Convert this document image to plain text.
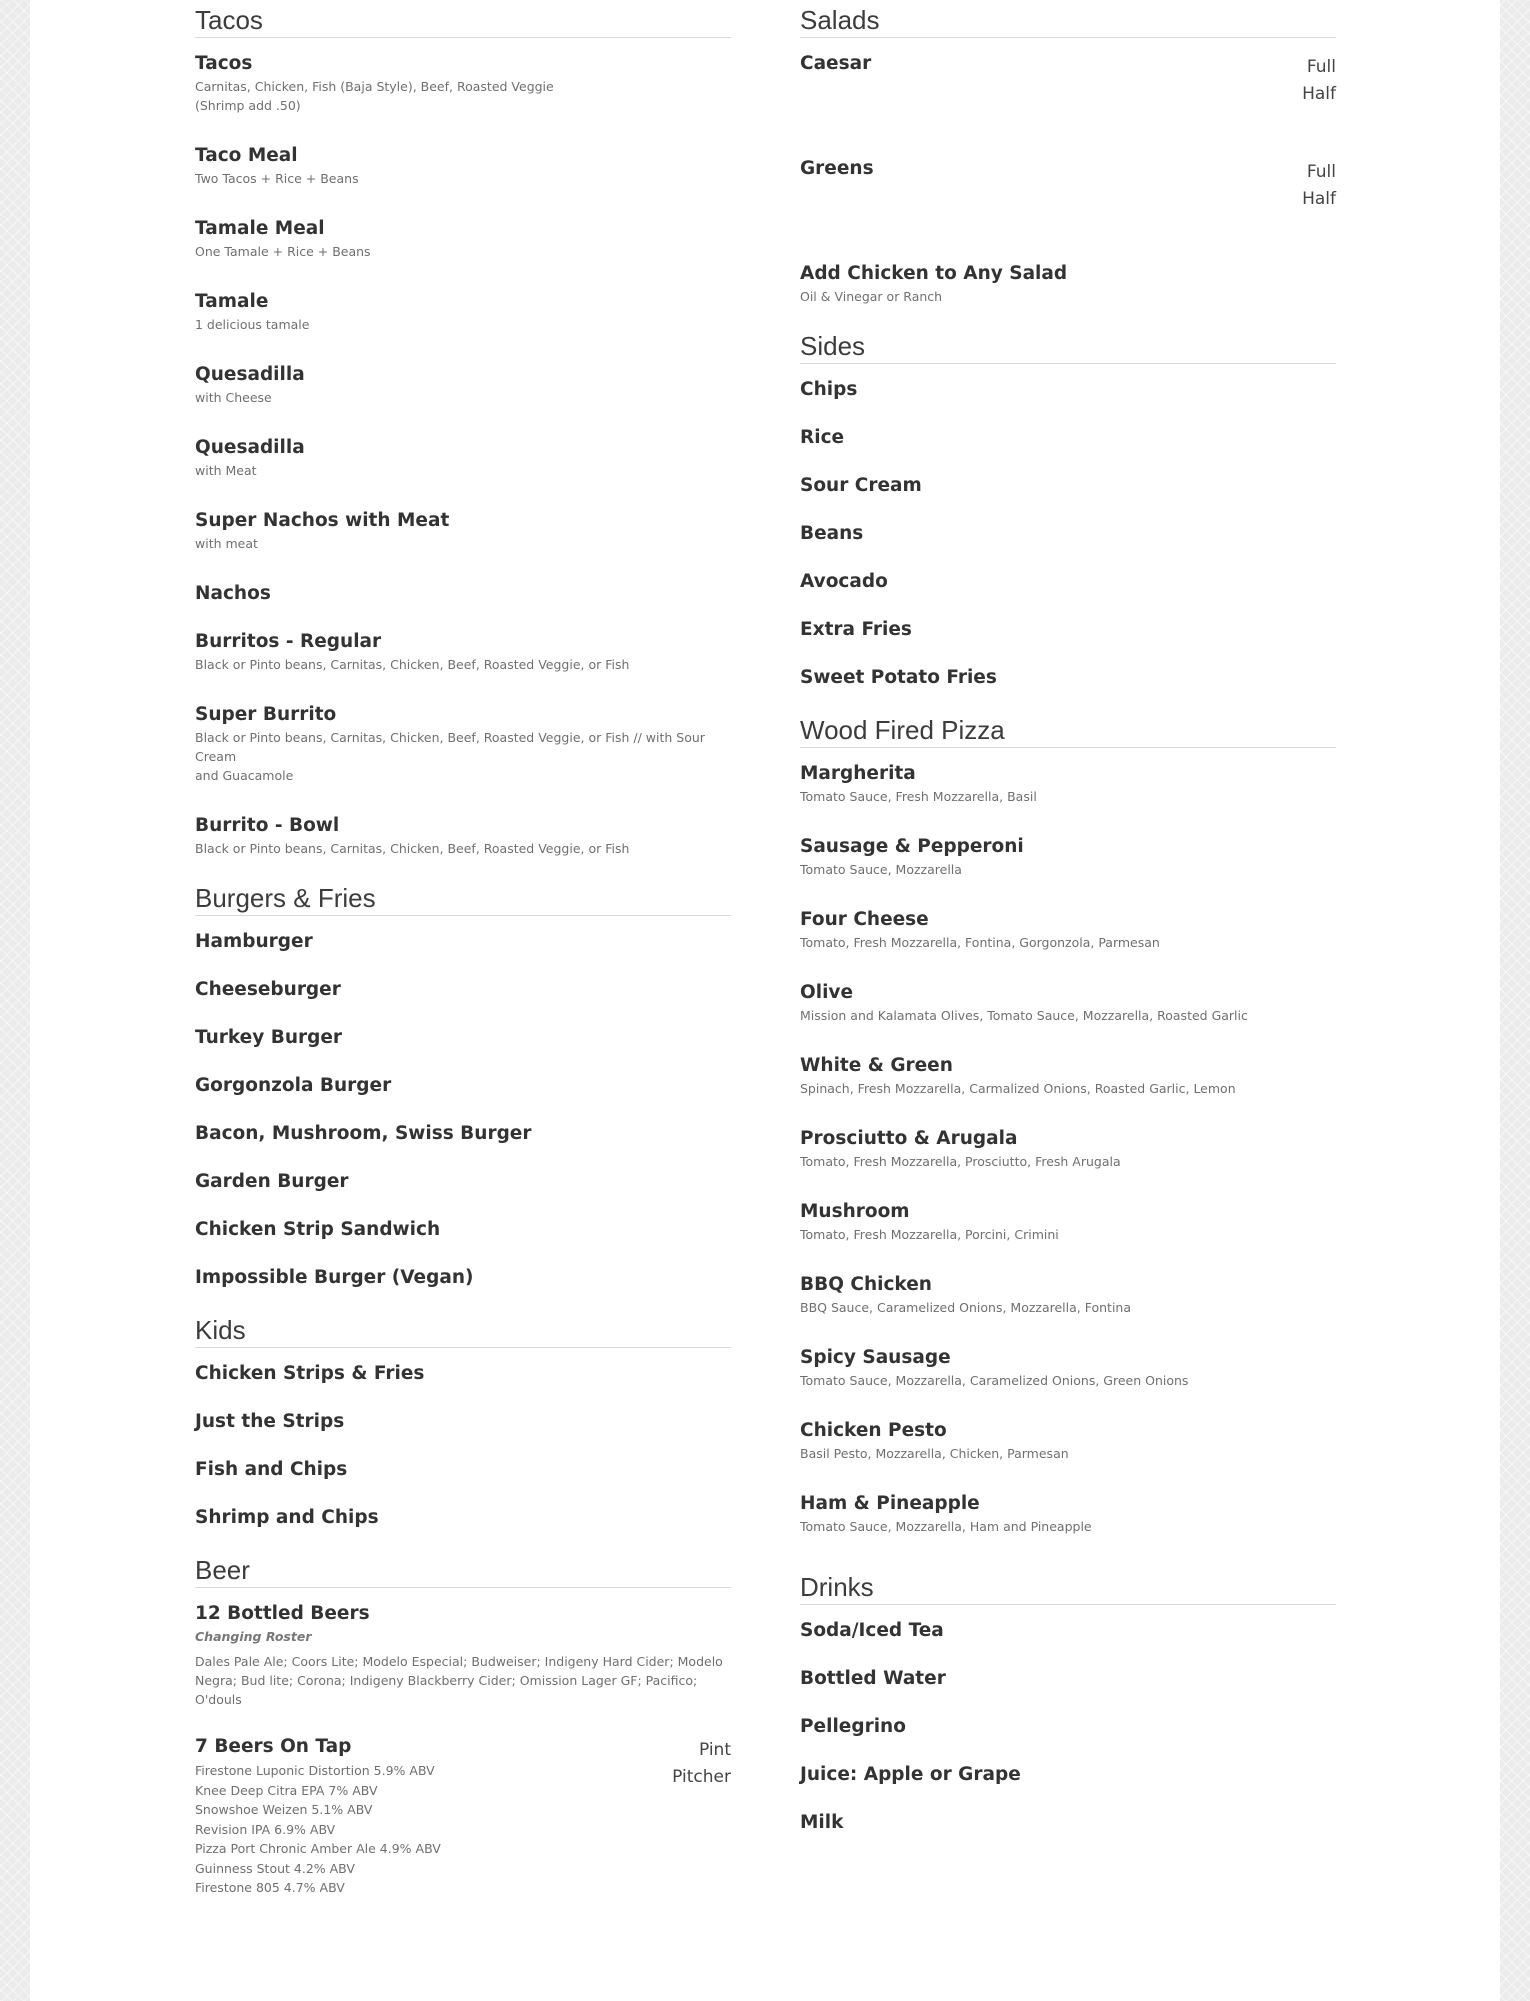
Tacos
Tacos
Carnitas, Chicken, Fish (Baja Style), Beef, Roasted Veggie
(Shrimp add .50)
Taco Meal
Two Tacos + Rice + Beans
Tamale Meal
One Tamale + Rice + Beans
Tamale
1 delicious tamale
Quesadilla
with Cheese
Quesadilla
with Meat
Super Nachos with Meat
with meat
Nachos
Burritos - Regular
Black or Pinto beans, Carnitas, Chicken, Beef, Roasted Veggie, or Fish
Super Burrito
Black or Pinto beans, Carnitas, Chicken, Beef, Roasted Veggie, or Fish // with Sour Cream
and Guacamole
Burrito - Bowl
Black or Pinto beans, Carnitas, Chicken, Beef, Roasted Veggie, or Fish
Burgers & Fries
Hamburger
Cheeseburger
Turkey Burger
Gorgonzola Burger
Bacon, Mushroom, Swiss Burger
Garden Burger
Chicken Strip Sandwich
Impossible Burger (Vegan)
Kids
Chicken Strips & Fries
Just the Strips
Fish and Chips
Shrimp and Chips
Beer
12 Bottled Beers
Changing Roster
Dales Pale Ale; Coors Lite; Modelo Especial; Budweiser; Indigeny Hard Cider; Modelo
Negra; Bud lite; Corona; Indigeny Blackberry Cider; Omission Lager GF; Pacifico; O'douls
7 Beers On Tap	Pint
Pitcher
Firestone Luponic Distortion 5.9% ABV
Knee Deep Citra EPA 7% ABV
Snowshoe Weizen 5.1% ABV
Revision IPA 6.9% ABV
Pizza Port Chronic Amber Ale 4.9% ABV
Guinness Stout 4.2% ABV
Firestone 805 4.7% ABV
Salads
Caesar	Full
Half
Greens	Full
Half
Add Chicken to Any Salad
Oil & Vinegar or Ranch
Sides
Chips
Rice
Sour Cream
Beans
Avocado
Extra Fries
Sweet Potato Fries
Wood Fired Pizza
Margherita
Tomato Sauce, Fresh Mozzarella, Basil
Sausage & Pepperoni
Tomato Sauce, Mozzarella
Four Cheese
Tomato, Fresh Mozzarella, Fontina, Gorgonzola, Parmesan
Olive
Mission and Kalamata Olives, Tomato Sauce, Mozzarella, Roasted Garlic
White & Green
Spinach, Fresh Mozzarella, Carmalized Onions, Roasted Garlic, Lemon
Prosciutto & Arugala
Tomato, Fresh Mozzarella, Prosciutto, Fresh Arugala
Mushroom
Tomato, Fresh Mozzarella, Porcini, Crimini
BBQ Chicken
BBQ Sauce, Caramelized Onions, Mozzarella, Fontina
Spicy Sausage
Tomato Sauce, Mozzarella, Caramelized Onions, Green Onions
Chicken Pesto
Basil Pesto, Mozzarella, Chicken, Parmesan
Ham & Pineapple
Tomato Sauce, Mozzarella, Ham and Pineapple
Drinks
Soda/Iced Tea
Bottled Water
Pellegrino
Juice: Apple or Grape
Milk
